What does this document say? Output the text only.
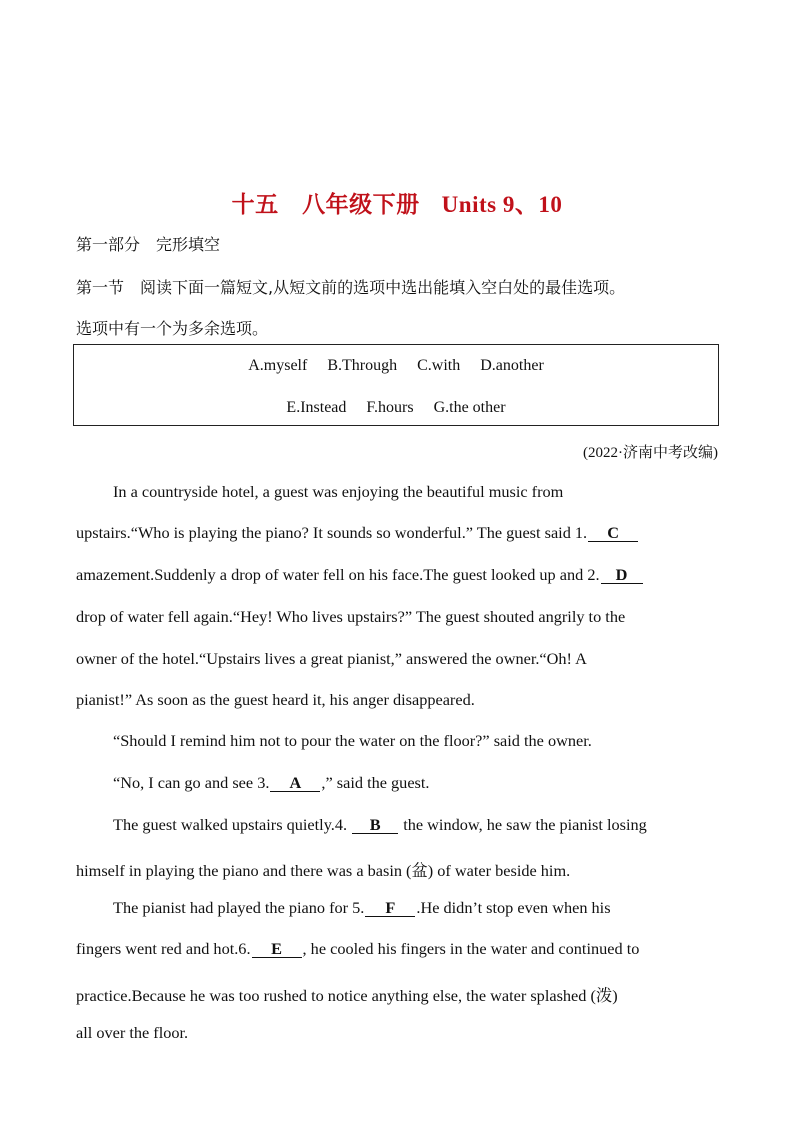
十五　八年级下册 Units 9、10
第一部分　完形填空
第一节　阅读下面一篇短文,从短文前的选项中选出能填入空白处的最佳选项。
选项中有一个为多余选项。
A.myself B.Through C.with D.another
E.Instead F.hours G.the other
(2022·济南中考改编)
In a countryside hotel, a guest was enjoying the beautiful music from
upstairs.“Who is playing the piano? It sounds so wonderful.” The guest said 1. C
amazement.Suddenly a drop of water fell on his face.The guest looked up and 2. D
drop of water fell again.“Hey! Who lives upstairs?” The guest shouted angrily to the
owner of the hotel.“Upstairs lives a great pianist,” answered the owner.“Oh! A
pianist!” As soon as the guest heard it, his anger disappeared.
“Should I remind him not to pour the water on the floor?” said the owner.
“No, I can go and see 3. A ,” said the guest.
The guest walked upstairs quietly.4. B the window, he saw the pianist losing
himself in playing the piano and there was a basin (盆) of water beside him.
The pianist had played the piano for 5. F .He didn’t stop even when his
fingers went red and hot.6. E , he cooled his fingers in the water and continued to
practice.Because he was too rushed to notice anything else, the water splashed (泼)
all over the floor.
